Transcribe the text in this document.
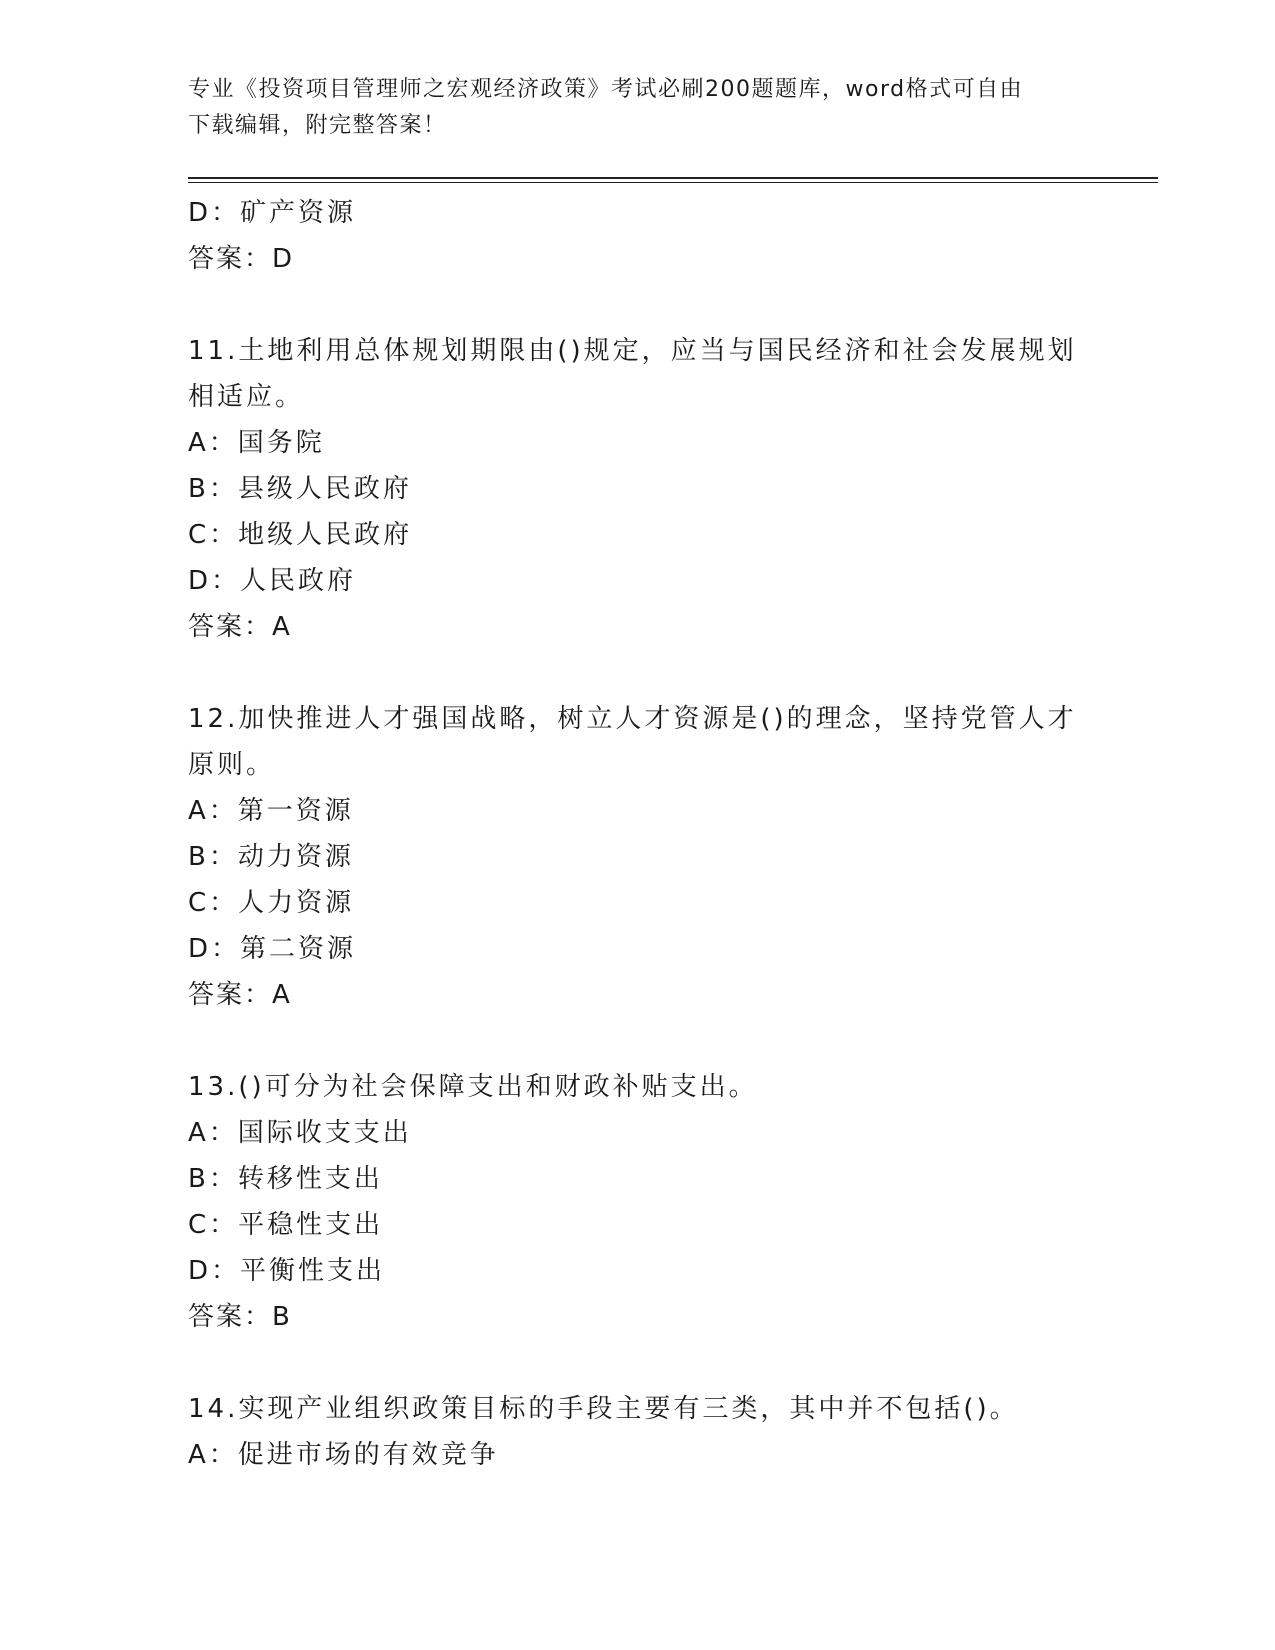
专业《投资项目管理师之宏观经济政策》考试必刷200题题库，word格式可自由
下载编辑，附完整答案！
D：矿产资源
答案：D
11.土地利用总体规划期限由()规定，应当与国民经济和社会发展规划
相适应。
A：国务院
B：县级人民政府
C：地级人民政府
D：人民政府
答案：A
12.加快推进人才强国战略，树立人才资源是()的理念，坚持党管人才
原则。
A：第一资源
B：动力资源
C：人力资源
D：第二资源
答案：A
13.()可分为社会保障支出和财政补贴支出。
A：国际收支支出
B：转移性支出
C：平稳性支出
D：平衡性支出
答案：B
14.实现产业组织政策目标的手段主要有三类，其中并不包括()。
A：促进市场的有效竞争
